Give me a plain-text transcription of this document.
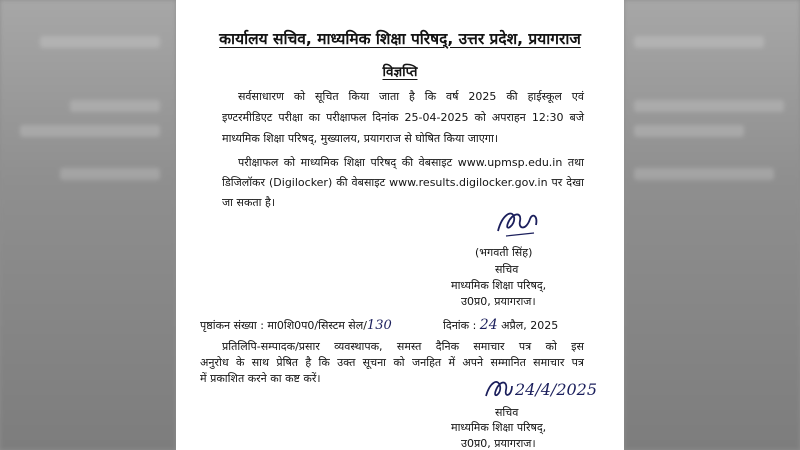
कार्यालय सचिव, माध्यमिक शिक्षा परिषद्, उत्तर प्रदेश, प्रयागराज
विज्ञप्ति
सर्वसाधारण को सूचित किया जाता है कि वर्ष 2025 की हाईस्कूल एवं
इण्टरमीडिएट परीक्षा का परीक्षाफल दिनांक 25-04-2025 को अपराहन 12:30 बजे
माध्यमिक शिक्षा परिषद्, मुख्यालय, प्रयागराज से घोषित किया जाएगा।
परीक्षाफल को माध्यमिक शिक्षा परिषद् की वेबसाइट www.upmsp.edu.in तथा
डिजिलॉकर (Digilocker) की वेबसाइट www.results.digilocker.gov.in पर देखा
जा सकता है।
(भगवती सिंह)
सचिव
माध्यमिक शिक्षा परिषद्,
उ0प्र0, प्रयागराज।
पृष्ठांकन संख्या : मा0शि0प0/सिस्टम सेल/130	दिनांक : 24 अप्रैल, 2025
प्रतिलिपि-सम्पादक/प्रसार व्यवस्थापक, समस्त दैनिक समाचार पत्र को इस
अनुरोध के साथ प्रेषित है कि उक्त सूचना को जनहित में अपने सम्मानित समाचार पत्र
में प्रकाशित करने का कष्ट करें।
24/4/2025
सचिव
माध्यमिक शिक्षा परिषद्,
उ0प्र0, प्रयागराज।
